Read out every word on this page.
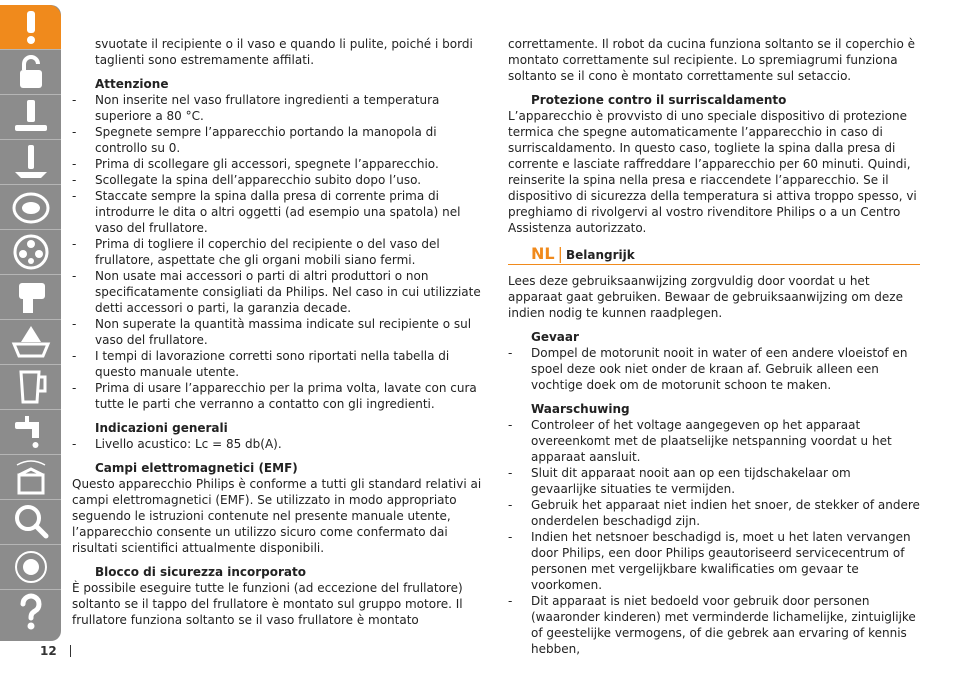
svuotate il recipiente o il vaso e quando li pulite, poiché i bordi taglienti sono estremamente affilati.

Attenzione

- Non inserite nel vaso frullatore ingredienti a temperatura superiore a 80 °C.

- Spegnete sempre l’apparecchio portando la manopola di controllo su 0.

- Prima di scollegare gli accessori, spegnete l’apparecchio.

- Scollegate la spina dell’apparecchio subito dopo l’uso.

- Staccate sempre la spina dalla presa di corrente prima di introdurre le dita o altri oggetti (ad esempio una spatola) nel vaso del frullatore.

- Prima di togliere il coperchio del recipiente o del vaso del frullatore, aspettate che gli organi mobili siano fermi.

- Non usate mai accessori o parti di altri produttori o non specificatamente consigliati da Philips. Nel caso in cui utilizziate detti accessori o parti, la garanzia decade.

- Non superate la quantità massima indicate sul recipiente o sul vaso del frullatore.

- I tempi di lavorazione corretti sono riportati nella tabella di questo manuale utente.

- Prima di usare l’apparecchio per la prima volta, lavate con cura tutte le parti che verranno a contatto con gli ingredienti.

Indicazioni generali

- Livello acustico: Lc = 85 db(A).

Campi elettromagnetici (EMF)

Questo apparecchio Philips è conforme a tutti gli standard relativi ai campi elettromagnetici (EMF). Se utilizzato in modo appropriato seguendo le istruzioni contenute nel presente manuale utente, l’apparecchio consente un utilizzo sicuro come confermato dai risultati scientifici attualmente disponibili.

Blocco di sicurezza incorporato

È possibile eseguire tutte le funzioni (ad eccezione del frullatore) soltanto se il tappo del frullatore è montato sul gruppo motore. Il frullatore funziona soltanto se il vaso frullatore è montato

correttamente. Il robot da cucina funziona soltanto se il coperchio è montato correttamente sul recipiente. Lo spremiagrumi funziona soltanto se il cono è montato correttamente sul setaccio.

Protezione contro il surriscaldamento

L’apparecchio è provvisto di uno speciale dispositivo di protezione termica che spegne automaticamente l’apparecchio in caso di surriscaldamento. In questo caso, togliete la spina dalla presa di corrente e lasciate raffreddare l’apparecchio per 60 minuti. Quindi, reinserite la spina nella presa e riaccendete l’apparecchio. Se il dispositivo di sicurezza della temperatura si attiva troppo spesso, vi preghiamo di rivolgervi al vostro rivenditore Philips o a un Centro Assistenza autorizzato.

NL | Belangrijk

Lees deze gebruiksaanwijzing zorgvuldig door voordat u het apparaat gaat gebruiken. Bewaar de gebruiksaanwijzing om deze indien nodig te kunnen raadplegen.

Gevaar

- Dompel de motorunit nooit in water of een andere vloeistof en spoel deze ook niet onder de kraan af. Gebruik alleen een vochtige doek om de motorunit schoon te maken.

Waarschuwing

- Controleer of het voltage aangegeven op het apparaat overeenkomt met de plaatselijke netspanning voordat u het apparaat aansluit.

- Sluit dit apparaat nooit aan op een tijdschakelaar om gevaarlijke situaties te vermijden.

- Gebruik het apparaat niet indien het snoer, de stekker of andere onderdelen beschadigd zijn.

- Indien het netsnoer beschadigd is, moet u het laten vervangen door Philips, een door Philips geautoriseerd servicecentrum of personen met vergelijkbare kwalificaties om gevaar te voorkomen.

- Dit apparaat is niet bedoeld voor gebruik door personen (waaronder kinderen) met verminderde lichamelijke, zintuiglijke of geestelijke vermogens, of die gebrek aan ervaring of kennis hebben,

12
